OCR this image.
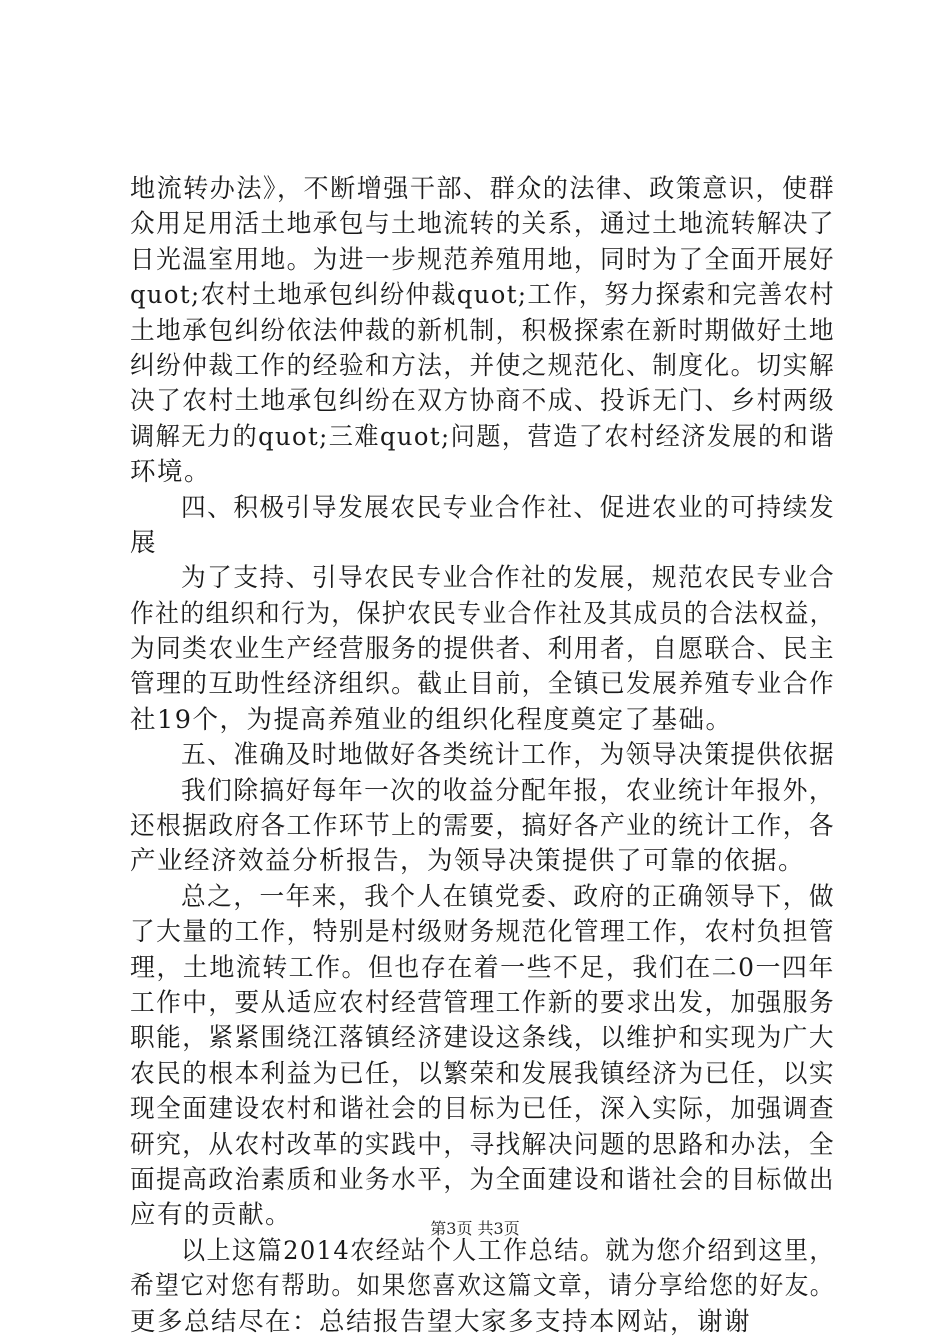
地流转办法》，不断增强干部、群众的法律、政策意识，使群
众用足用活土地承包与土地流转的关系，通过土地流转解决了
日光温室用地。为进一步规范养殖用地，同时为了全面开展好
quot;农村土地承包纠纷仲裁quot;工作，努力探索和完善农村
土地承包纠纷依法仲裁的新机制，积极探索在新时期做好土地
纠纷仲裁工作的经验和方法，并使之规范化、制度化。切实解
决了农村土地承包纠纷在双方协商不成、投诉无门、乡村两级
调解无力的quot;三难quot;问题，营造了农村经济发展的和谐
环境。
四、积极引导发展农民专业合作社、促进农业的可持续发
展
为了支持、引导农民专业合作社的发展，规范农民专业合
作社的组织和行为，保护农民专业合作社及其成员的合法权益，
为同类农业生产经营服务的提供者、利用者，自愿联合、民主
管理的互助性经济组织。截止目前，全镇已发展养殖专业合作
社19个，为提高养殖业的组织化程度奠定了基础。
五、准确及时地做好各类统计工作，为领导决策提供依据
我们除搞好每年一次的收益分配年报，农业统计年报外，
还根据政府各工作环节上的需要，搞好各产业的统计工作，各
产业经济效益分析报告，为领导决策提供了可靠的依据。
总之，一年来，我个人在镇党委、政府的正确领导下，做
了大量的工作，特别是村级财务规范化管理工作，农村负担管
理，土地流转工作。但也存在着一些不足，我们在二0一四年
工作中，要从适应农村经营管理工作新的要求出发，加强服务
职能，紧紧围绕江落镇经济建设这条线，以维护和实现为广大
农民的根本利益为已任，以繁荣和发展我镇经济为已任，以实
现全面建设农村和谐社会的目标为已任，深入实际，加强调查
研究，从农村改革的实践中，寻找解决问题的思路和办法，全
面提高政治素质和业务水平，为全面建设和谐社会的目标做出
应有的贡献。
以上这篇2014农经站个人工作总结。就为您介绍到这里，
希望它对您有帮助。如果您喜欢这篇文章，请分享给您的好友。
更多总结尽在：总结报告望大家多支持本网站，谢谢
第3页 共3页
